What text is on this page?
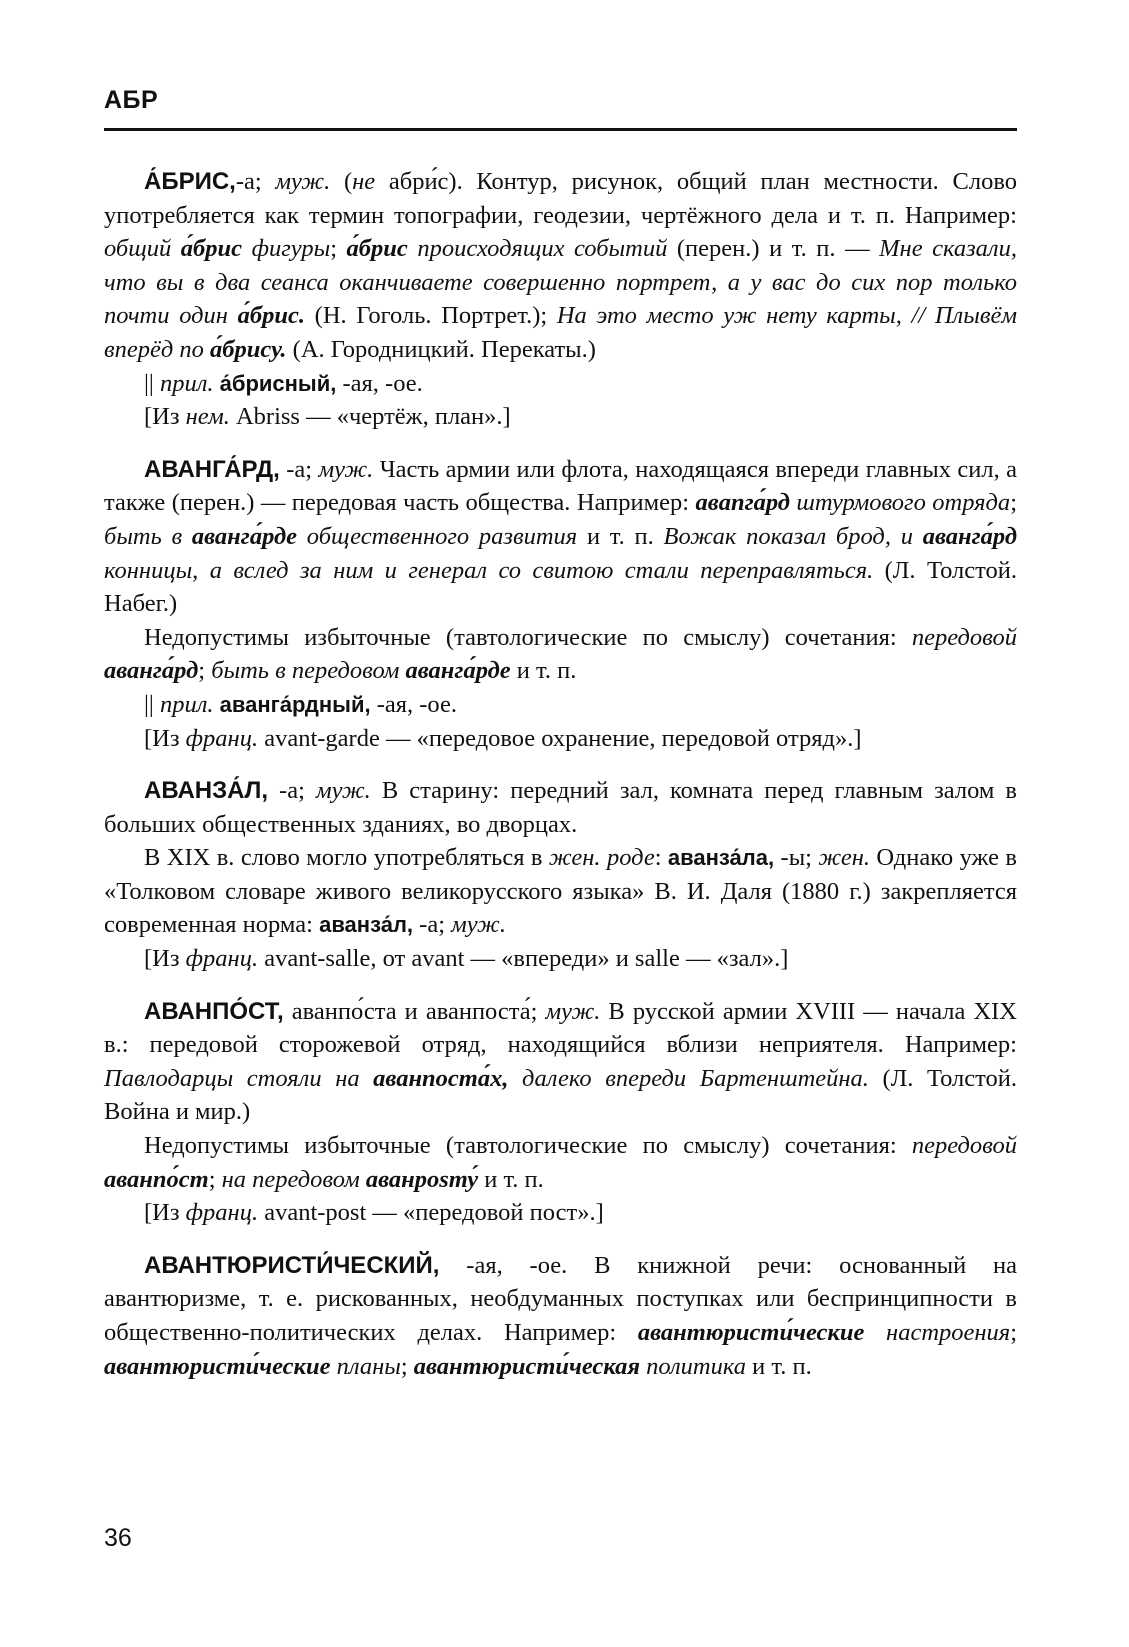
АБР

А́БРИС,-а; муж. (не абри́с). Контур, рисунок, общий план местности. Слово употребляется как термин топографии, геодезии, чертёжного дела и т. п. Например: общий а́брис фигуры; а́брис происходящих событий (перен.) и т. п. — Мне сказали, что вы в два сеанса оканчиваете совершенно портрет, а у вас до сих пор только почти один а́брис. (Н. Гоголь. Портрет.); На это место уж нету карты, // Плывём вперёд по а́брису. (А. Городницкий. Перекаты.)

|| прил. а́брисный, -ая, -ое.

[Из нем. Abriss — «чертёж, план».]

АВАНГА́РД, -а; муж. Часть армии или флота, находящаяся впереди главных сил, а также (перен.) — передовая часть общества. Например: авanга́рд штурмового отряда; быть в аванга́рде общественного развития и т. п. Вожак показал брод, и аванга́рд конницы, а вслед за ним и генерал со свитою стали переправляться. (Л. Толстой. Набег.)

Недопустимы избыточные (тавтологические по смыслу) сочетания: передовой аванга́рд; быть в передовом аванга́рде и т. п.

|| прил. аванга́рдный, -ая, -ое.

[Из франц. avant-garde — «передовое охранение, передовой отряд».]

АВАНЗА́Л, -а; муж. В старину: передний зал, комната перед главным залом в больших общественных зданиях, во дворцах.

В XIX в. слово могло употребляться в жен. роде: аванза́ла, -ы; жен. Однако уже в «Толковом словаре живого великорусского языка» В. И. Даля (1880 г.) закрепляется современная норма: аванза́л, -а; муж.

[Из франц. avant-salle, от avant — «впереди» и salle — «зал».]

АВАНПО́СТ, аванпо́ста и аванпоста́; муж. В русской армии XVIII — начала XIX в.: передовой сторожевой отряд, находящийся вблизи неприятеля. Например: Павлодарцы стояли на аванпоста́х, далеко впереди Бартенштейна. (Л. Толстой. Война и мир.)

Недопустимы избыточные (тавтологические по смыслу) сочетания: передовой аванпо́ст; на передовом аванposту́ и т. п.

[Из франц. avant-post — «передовой пост».]

АВАНТЮРИСТИ́ЧЕСКИЙ, -ая, -ое. В книжной речи: основанный на авантюризме, т. е. рискованных, необдуманных поступках или беспринципности в общественно-политических делах. Например: авантюристи́ческие настроения; авантюристи́ческие планы; авантюристи́ческая политика и т. п.

36
